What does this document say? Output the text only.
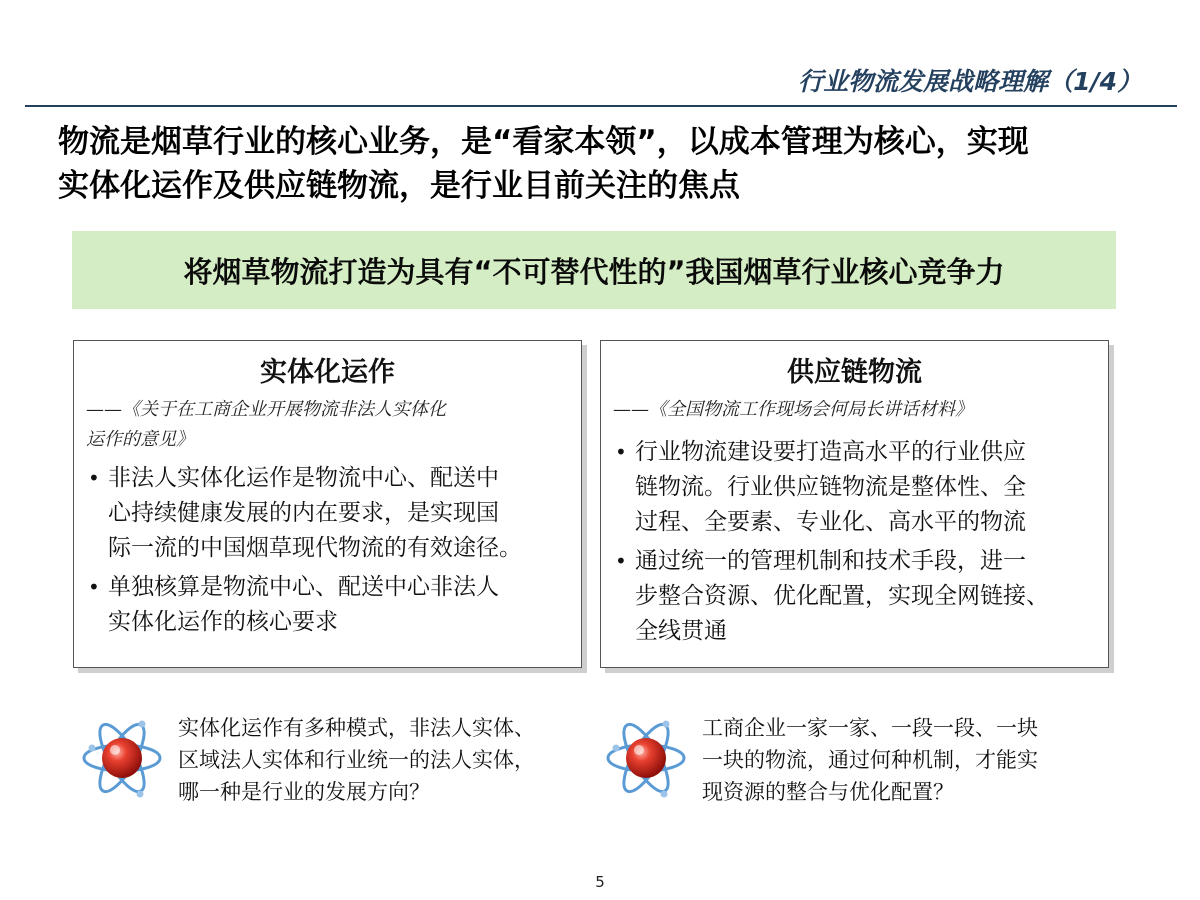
行业物流发展战略理解（1/4）
物流是烟草行业的核心业务，是“看家本领”，以成本管理为核心，实现
实体化运作及供应链物流，是行业目前关注的焦点
将烟草物流打造为具有“不可替代性的”我国烟草行业核心竞争力
实体化运作
——《关于在工商企业开展物流非法人实体化
运作的意见》
• 非法人实体化运作是物流中心、配送中
心持续健康发展的内在要求，是实现国
际一流的中国烟草现代物流的有效途径。
• 单独核算是物流中心、配送中心非法人
实体化运作的核心要求
供应链物流
——《全国物流工作现场会何局长讲话材料》
• 行业物流建设要打造高水平的行业供应
链物流。行业供应链物流是整体性、全
过程、全要素、专业化、高水平的物流
• 通过统一的管理机制和技术手段，进一
步整合资源、优化配置，实现全网链接、
全线贯通
实体化运作有多种模式，非法人实体、
区域法人实体和行业统一的法人实体，
哪一种是行业的发展方向？
工商企业一家一家、一段一段、一块
一块的物流，通过何种机制，才能实
现资源的整合与优化配置？
5
